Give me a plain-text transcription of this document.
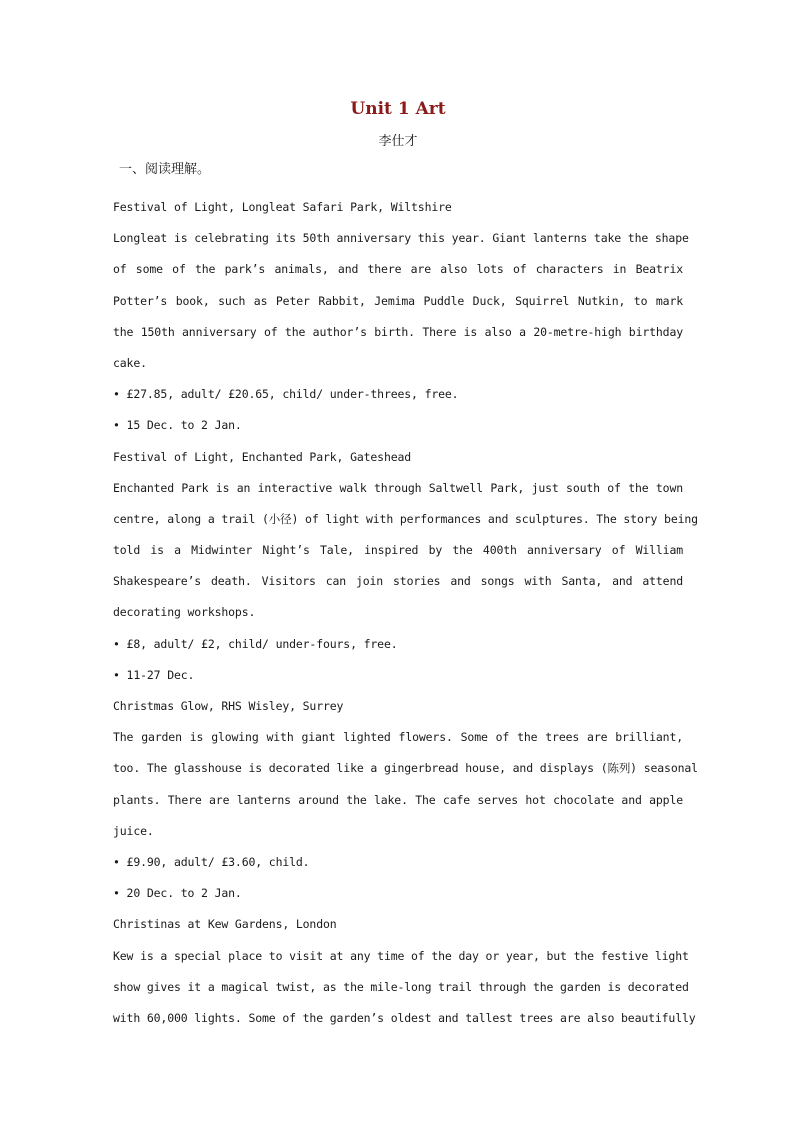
Unit 1 Art
李仕才
一、阅读理解。
Festival of Light, Longleat Safari Park, Wiltshire
Longleat is celebrating its 50th anniversary this year. Giant lanterns take the shape
of some of the park’s animals, and there are also lots of characters in Beatrix
Potter’s book, such as Peter Rabbit, Jemima Puddle Duck, Squirrel Nutkin, to mark
the 150th anniversary of the author’s birth. There is also a 20-metre-high birthday
cake.
• £27.85, adult/ £20.65, child/ under-threes, free.
• 15 Dec. to 2 Jan.
Festival of Light, Enchanted Park, Gateshead
Enchanted Park is an interactive walk through Saltwell Park, just south of the town
centre, along a trail (小径) of light with performances and sculptures. The story being
told is a Midwinter Night’s Tale, inspired by the 400th anniversary of William
Shakespeare’s death. Visitors can join stories and songs with Santa, and attend
decorating workshops.
• £8, adult/ £2, child/ under-fours, free.
• 11-27 Dec.
Christmas Glow, RHS Wisley, Surrey
The garden is glowing with giant lighted flowers. Some of the trees are brilliant,
too. The glasshouse is decorated like a gingerbread house, and displays (陈列) seasonal
plants. There are lanterns around the lake. The cafe serves hot chocolate and apple
juice.
• £9.90, adult/ £3.60, child.
• 20 Dec. to 2 Jan.
Christinas at Kew Gardens, London
Kew is a special place to visit at any time of the day or year, but the festive light
show gives it a magical twist, as the mile-long trail through the garden is decorated
with 60,000 lights. Some of the garden’s oldest and tallest trees are also beautifully
